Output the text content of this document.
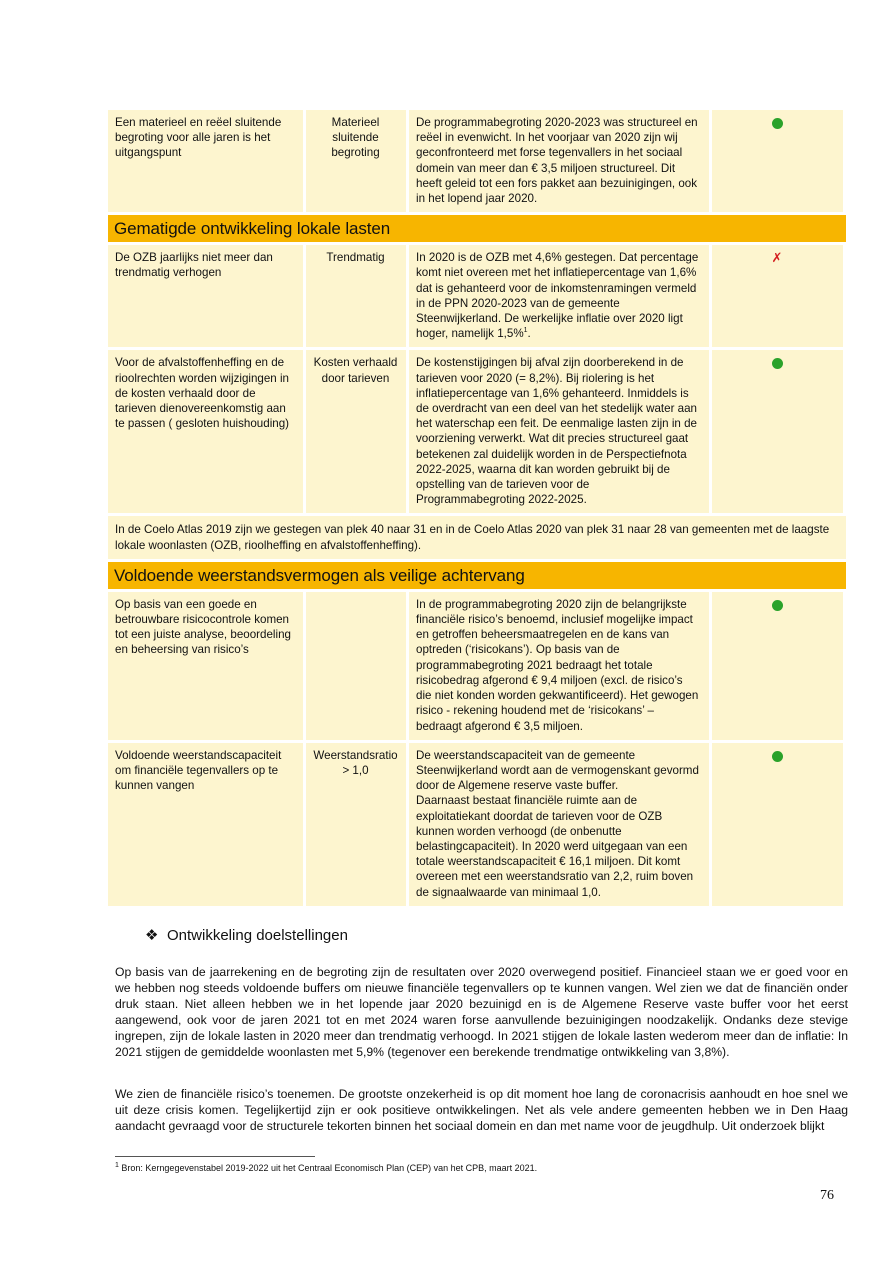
Een materieel en reëel sluitende begroting voor alle jaren is het uitgangspunt
Materieel sluitende begroting
De programmabegroting 2020-2023 was structureel en reëel in evenwicht. In het voorjaar van 2020 zijn wij geconfronteerd met forse tegenvallers in het sociaal domein van meer dan € 3,5 miljoen structureel. Dit heeft geleid tot een fors pakket aan bezuinigingen, ook in het lopend jaar 2020.
Gematigde ontwikkeling lokale lasten
De OZB jaarlijks niet meer dan trendmatig verhogen
Trendmatig	In 2020 is de OZB met 4,6% gestegen. Dat percentage komt niet overeen met het inflatiepercentage van 1,6% dat is gehanteerd voor de inkomstenramingen vermeld in de PPN 2020-2023 van de gemeente Steenwijkerland. De werkelijke inflatie over 2020 ligt hoger, namelijk 1,5%$^1$.
✗
Voor de afvalstoffenheffing en de rioolrechten worden wijzigingen in de kosten verhaald door de tarieven dienovereenkomstig aan te passen ( gesloten huishouding)
Kosten verhaald door tarieven
De kostenstijgingen bij afval zijn doorberekend in de tarieven voor 2020 (= 8,2%). Bij riolering is het inflatiepercentage van 1,6% gehanteerd. Inmiddels is de overdracht van een deel van het stedelijk water aan het waterschap een feit. De eenmalige lasten zijn in de voorziening verwerkt. Wat dit precies structureel gaat betekenen zal duidelijk worden in de Perspectiefnota 2022-2025, waarna dit kan worden gebruikt bij de opstelling van de tarieven voor de Programmabegroting 2022-2025.
In de Coelo Atlas 2019 zijn we gestegen van plek 40 naar 31 en in de Coelo Atlas 2020 van plek 31 naar 28 van gemeenten met de laagste lokale woonlasten (OZB, rioolheffing en afvalstoffenheffing).
Voldoende weerstandsvermogen als veilige achtervang
Op basis van een goede en betrouwbare risicocontrole komen tot een juiste analyse, beoordeling en beheersing van risico’s
In de programmabegroting 2020 zijn de belangrijkste financiële risico’s benoemd, inclusief mogelijke impact en getroffen beheersmaatregelen en de kans van optreden (‘risicokans’). Op basis van de programmabegroting 2021 bedraagt het totale risicobedrag afgerond € 9,4 miljoen (excl. de risico’s die niet konden worden gekwantificeerd). Het gewogen risico - rekening houdend met de ‘risicokans’ – bedraagt afgerond € 3,5 miljoen.
Voldoende weerstandscapaciteit om financiële tegenvallers op te kunnen vangen
Weerstandsratio > 1,0
De weerstandscapaciteit van de gemeente Steenwijkerland wordt aan de vermogenskant gevormd door de Algemene reserve vaste buffer.
Daarnaast bestaat financiële ruimte aan de exploitatiekant doordat de tarieven voor de OZB kunnen worden verhoogd (de onbenutte belastingcapaciteit). In 2020 werd uitgegaan van een totale weerstandscapaciteit € 16,1 miljoen. Dit komt overeen met een weerstandsratio van 2,2, ruim boven de signaalwaarde van minimaal 1,0.
❖ Ontwikkeling doelstellingen
Op basis van de jaarrekening en de begroting zijn de resultaten over 2020 overwegend positief. Financieel staan we er goed voor en we hebben nog steeds voldoende buffers om nieuwe financiële tegenvallers op te kunnen vangen. Wel zien we dat de financiën onder druk staan. Niet alleen hebben we in het lopende jaar 2020 bezuinigd en is de Algemene Reserve vaste buffer voor het eerst aangewend, ook voor de jaren 2021 tot en met 2024 waren forse aanvullende bezuinigingen noodzakelijk. Ondanks deze stevige ingrepen, zijn de lokale lasten in 2020 meer dan trendmatig verhoogd. In 2021 stijgen de lokale lasten wederom meer dan de inflatie: In 2021 stijgen de gemiddelde woonlasten met 5,9% (tegenover een berekende trendmatige ontwikkeling van 3,8%).
We zien de financiële risico’s toenemen. De grootste onzekerheid is op dit moment hoe lang de coronacrisis aanhoudt en hoe snel we uit deze crisis komen. Tegelijkertijd zijn er ook positieve ontwikkelingen. Net als vele andere gemeenten hebben we in Den Haag aandacht gevraagd voor de structurele tekorten binnen het sociaal domein en dan met name voor de jeugdhulp. Uit onderzoek blijkt
$^1$ Bron: Kerngegevenstabel 2019-2022 uit het Centraal Economisch Plan (CEP) van het CPB, maart 2021.
76
